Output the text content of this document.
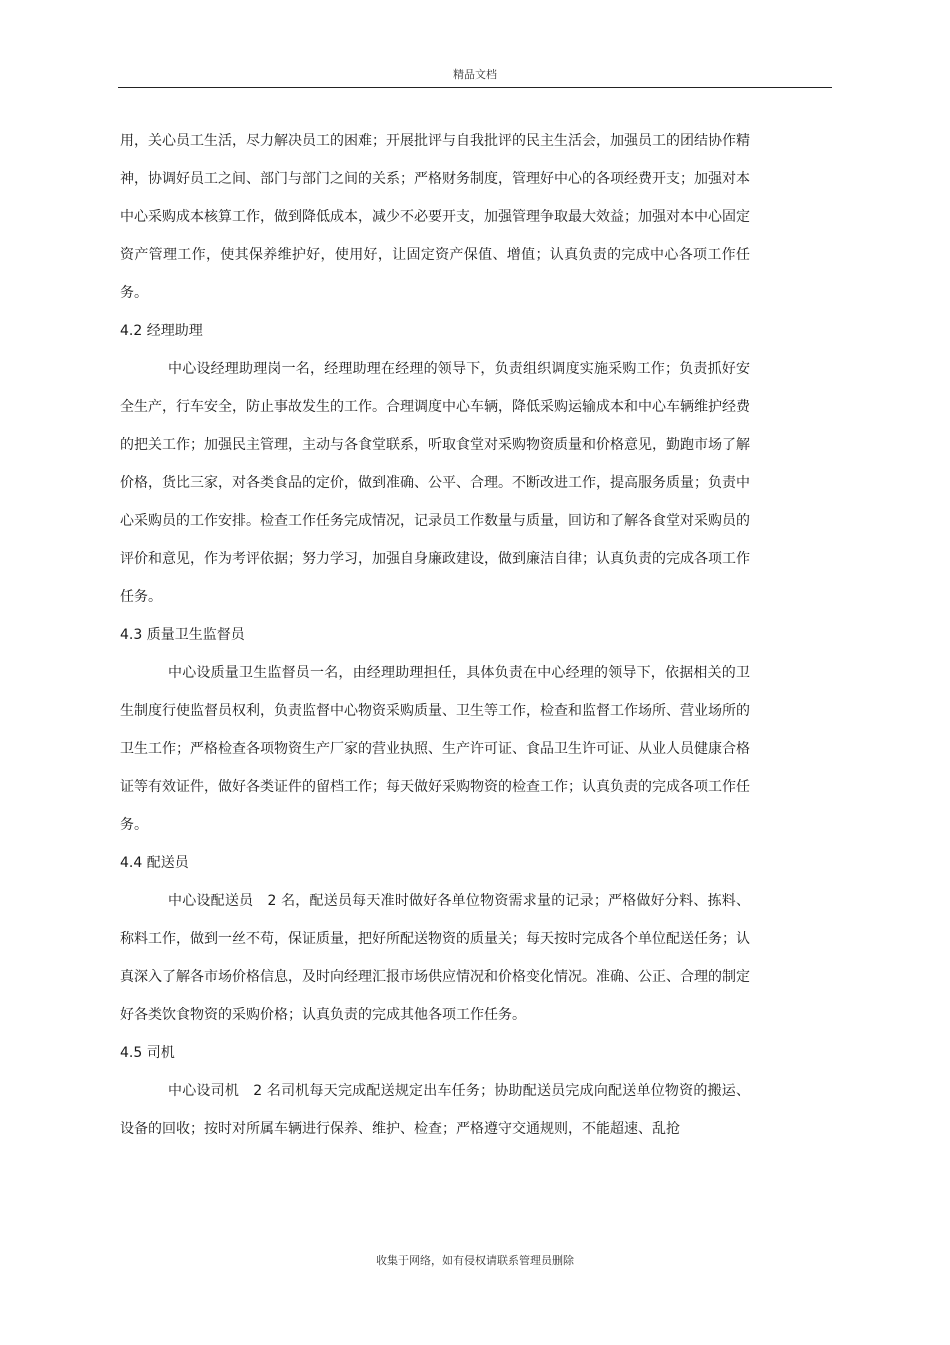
精品文档

用，关心员工生活，尽力解决员工的困难；开展批评与自我批评的民主生活会，加强员工的团结协作精神，协调好员工之间、部门与部门之间的关系；严格财务制度，管理好中心的各项经费开支；加强对本中心采购成本核算工作，做到降低成本，减少不必要开支，加强管理争取最大效益；加强对本中心固定资产管理工作，使其保养维护好，使用好，让固定资产保值、增值；认真负责的完成中心各项工作任务。

4.2 经理助理

中心设经理助理岗一名，经理助理在经理的领导下，负责组织调度实施采购工作；负责抓好安全生产，行车安全，防止事故发生的工作。合理调度中心车辆，降低采购运输成本和中心车辆维护经费的把关工作；加强民主管理，主动与各食堂联系，听取食堂对采购物资质量和价格意见，勤跑市场了解价格，货比三家，对各类食品的定价，做到准确、公平、合理。不断改进工作，提高服务质量；负责中心采购员的工作安排。检查工作任务完成情况，记录员工作数量与质量，回访和了解各食堂对采购员的评价和意见，作为考评依据；努力学习，加强自身廉政建设，做到廉洁自律；认真负责的完成各项工作任务。

4.3 质量卫生监督员

中心设质量卫生监督员一名，由经理助理担任，具体负责在中心经理的领导下，依据相关的卫生制度行使监督员权利，负责监督中心物资采购质量、卫生等工作，检查和监督工作场所、营业场所的卫生工作；严格检查各项物资生产厂家的营业执照、生产许可证、食品卫生许可证、从业人员健康合格证等有效证件，做好各类证件的留档工作；每天做好采购物资的检查工作；认真负责的完成各项工作任务。

4.4 配送员

中心设配送员　2 名，配送员每天准时做好各单位物资需求量的记录；严格做好分料、拣料、称料工作，做到一丝不苟，保证质量，把好所配送物资的质量关；每天按时完成各个单位配送任务；认真深入了解各市场价格信息，及时向经理汇报市场供应情况和价格变化情况。准确、公正、合理的制定好各类饮食物资的采购价格；认真负责的完成其他各项工作任务。

4.5 司机

中心设司机　2 名司机每天完成配送规定出车任务；协助配送员完成向配送单位物资的搬运、设备的回收；按时对所属车辆进行保养、维护、检查；严格遵守交通规则，不能超速、乱抢

收集于网络，如有侵权请联系管理员删除
